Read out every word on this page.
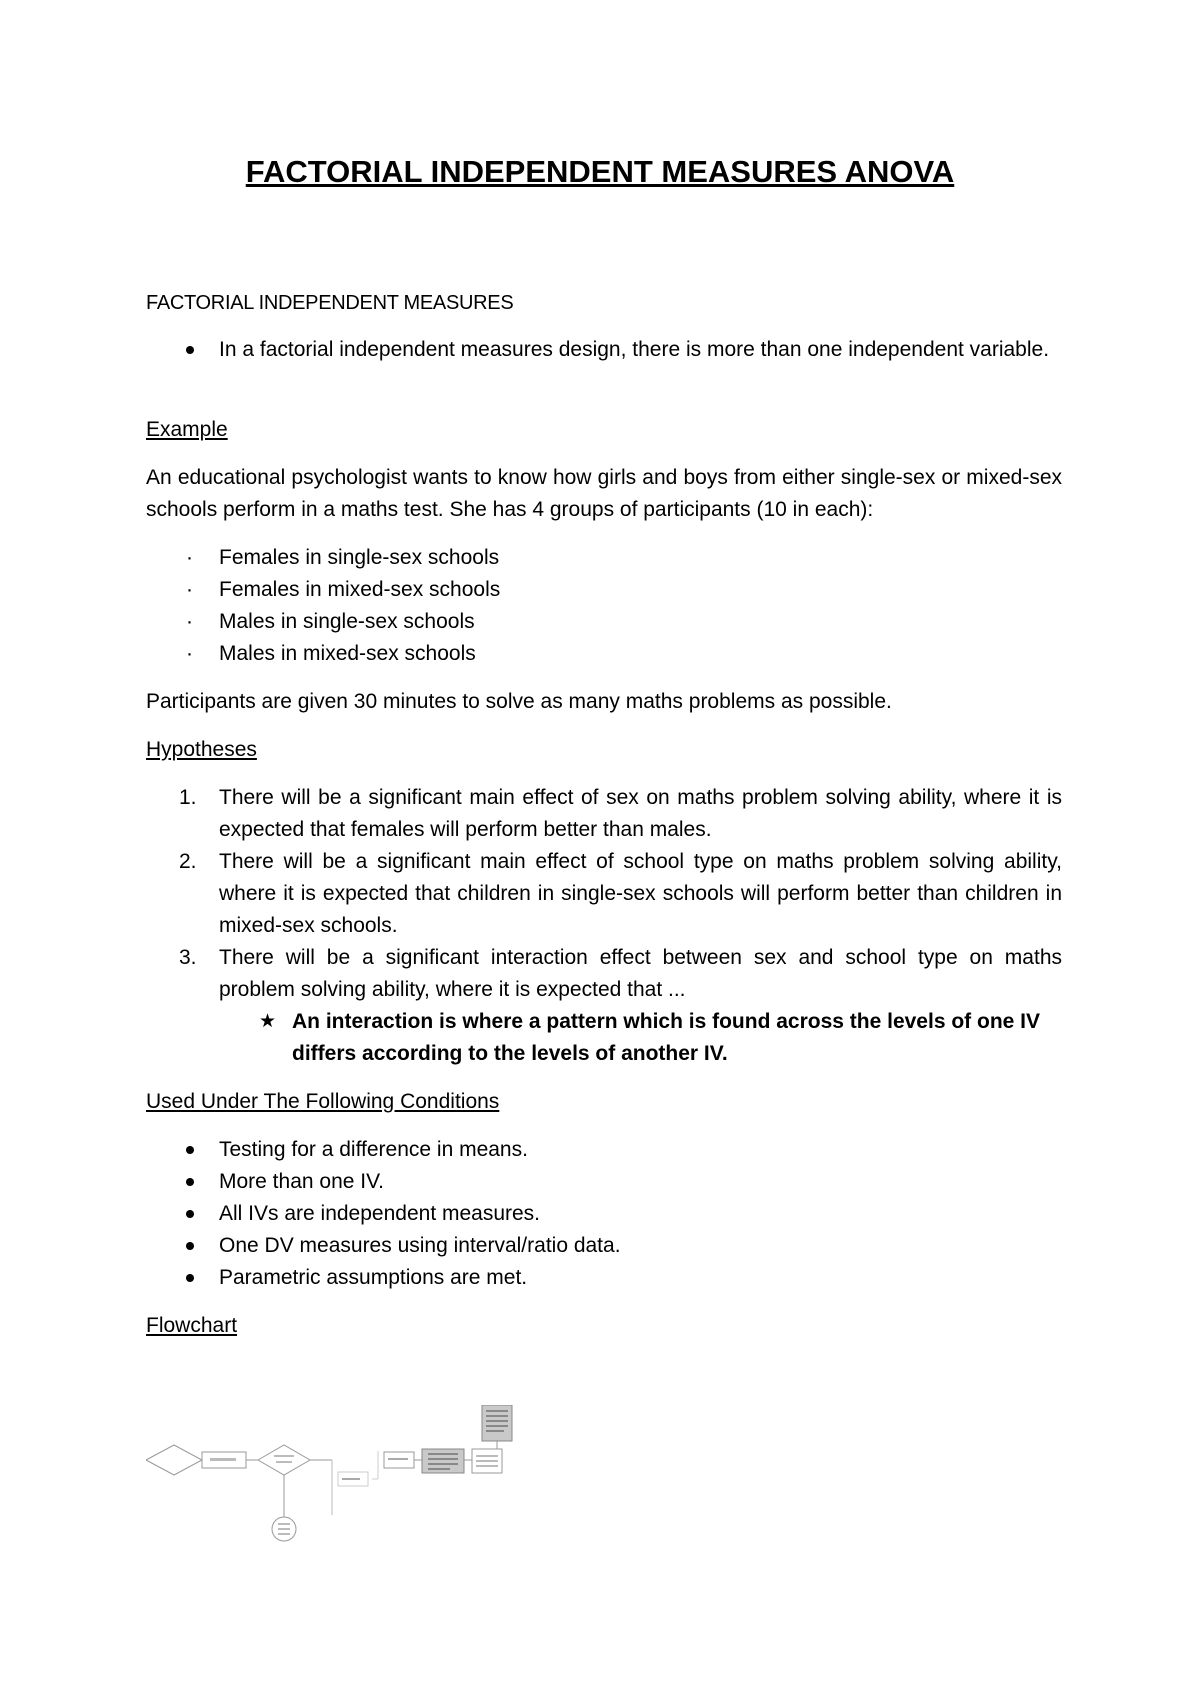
FACTORIAL INDEPENDENT MEASURES ANOVA
FACTORIAL INDEPENDENT MEASURES
In a factorial independent measures design, there is more than one independent variable.
Example
An educational psychologist wants to know how girls and boys from either single-sex or mixed-sex schools perform in a maths test. She has 4 groups of participants (10 in each):
· Females in single-sex schools
· Females in mixed-sex schools
· Males in single-sex schools
· Males in mixed-sex schools
Participants are given 30 minutes to solve as many maths problems as possible.
Hypotheses
1. There will be a significant main effect of sex on maths problem solving ability, where it is expected that females will perform better than males.
2. There will be a significant main effect of school type on maths problem solving ability, where it is expected that children in single-sex schools will perform better than children in mixed-sex schools.
3. There will be a significant interaction effect between sex and school type on maths problem solving ability, where it is expected that ...
★ An interaction is where a pattern which is found across the levels of one IV differs according to the levels of another IV.
Used Under The Following Conditions
Testing for a difference in means.
More than one IV.
All IVs are independent measures.
One DV measures using interval/ratio data.
Parametric assumptions are met.
Flowchart
